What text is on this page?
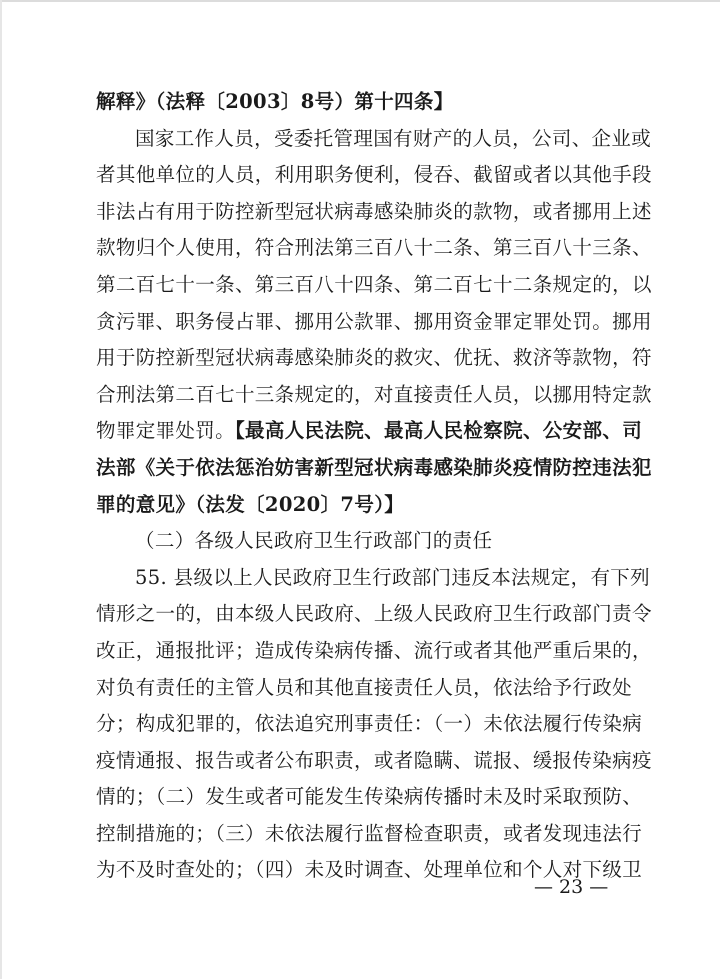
解释》（法释〔2003〕8号）第十四条】
国家工作人员，受委托管理国有财产的人员，公司、企业或
者其他单位的人员，利用职务便利，侵吞、截留或者以其他手段
非法占有用于防控新型冠状病毒感染肺炎的款物，或者挪用上述
款物归个人使用，符合刑法第三百八十二条、第三百八十三条、
第二百七十一条、第三百八十四条、第二百七十二条规定的，以
贪污罪、职务侵占罪、挪用公款罪、挪用资金罪定罪处罚。挪用
用于防控新型冠状病毒感染肺炎的救灾、优抚、救济等款物，符
合刑法第二百七十三条规定的，对直接责任人员，以挪用特定款
物罪定罪处罚。【最高人民法院、最高人民检察院、公安部、司
法部《关于依法惩治妨害新型冠状病毒感染肺炎疫情防控违法犯
罪的意见》（法发〔2020〕7号）】
（二）各级人民政府卫生行政部门的责任
55. 县级以上人民政府卫生行政部门违反本法规定，有下列
情形之一的，由本级人民政府、上级人民政府卫生行政部门责令
改正，通报批评；造成传染病传播、流行或者其他严重后果的，
对负有责任的主管人员和其他直接责任人员，依法给予行政处
分；构成犯罪的，依法追究刑事责任：（一）未依法履行传染病
疫情通报、报告或者公布职责，或者隐瞒、谎报、缓报传染病疫
情的；（二）发生或者可能发生传染病传播时未及时采取预防、
控制措施的；（三）未依法履行监督检查职责，或者发现违法行
为不及时查处的；（四）未及时调查、处理单位和个人对下级卫
— 23 —
